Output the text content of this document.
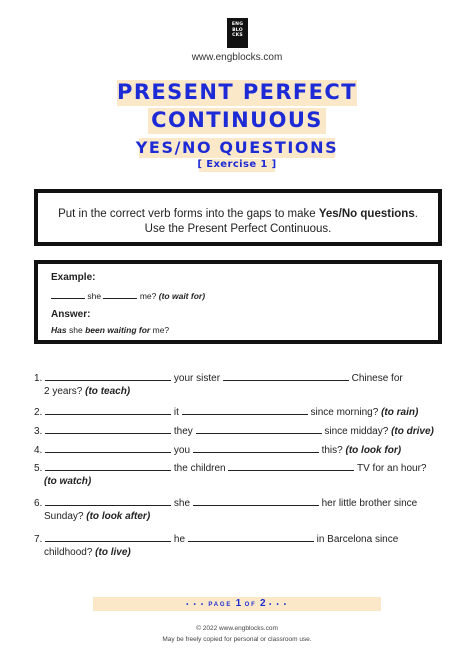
ENG
BLO
CKS
www.engblocks.com
PRESENT PERFECT
CONTINUOUS
YES/NO QUESTIONS
[ Exercise 1 ]
Put in the correct verb forms into the gaps to make Yes/No questions.
Use the Present Perfect Continuous.
Example:
she	me? (to wait for)
Answer:
Has she been waiting for me?
1.	your sister	Chinese for
2 years? (to teach)
2.	it	since morning? (to rain)
3.	they	since midday? (to drive)
4.	you	this? (to look for)
5.	the children	TV for an hour?
(to watch)
6.	she	her little brother since
Sunday? (to look after)
7.	he	in Barcelona since
childhood? (to live)
• • • PAGE 1 OF 2 • • •
© 2022 www.engblocks.com
May be freely copied for personal or classroom use.
